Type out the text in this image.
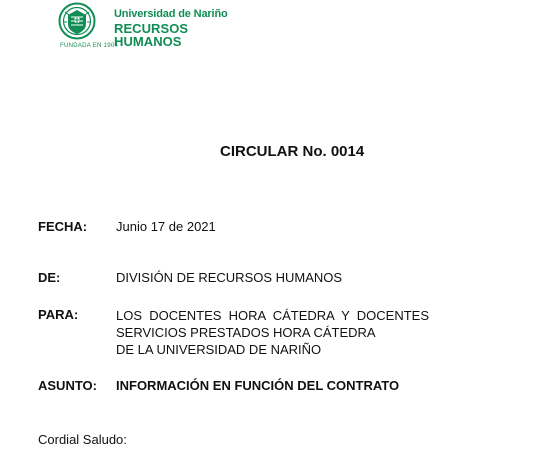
Universidad de Nariño
RECURSOS HUMANOS
FUNDADA EN 1904
CIRCULAR No. 0014
FECHA: Junio 17 de 2021
DE:	DIVISIÓN DE RECURSOS HUMANOS
PARA:	LOS DOCENTES HORA CÁTEDRA Y DOCENTES
SERVICIOS PRESTADOS HORA CÁTEDRA
DE LA UNIVERSIDAD DE NARIÑO
ASUNTO: INFORMACIÓN EN FUNCIÓN DEL CONTRATO
Cordial Saludo:
